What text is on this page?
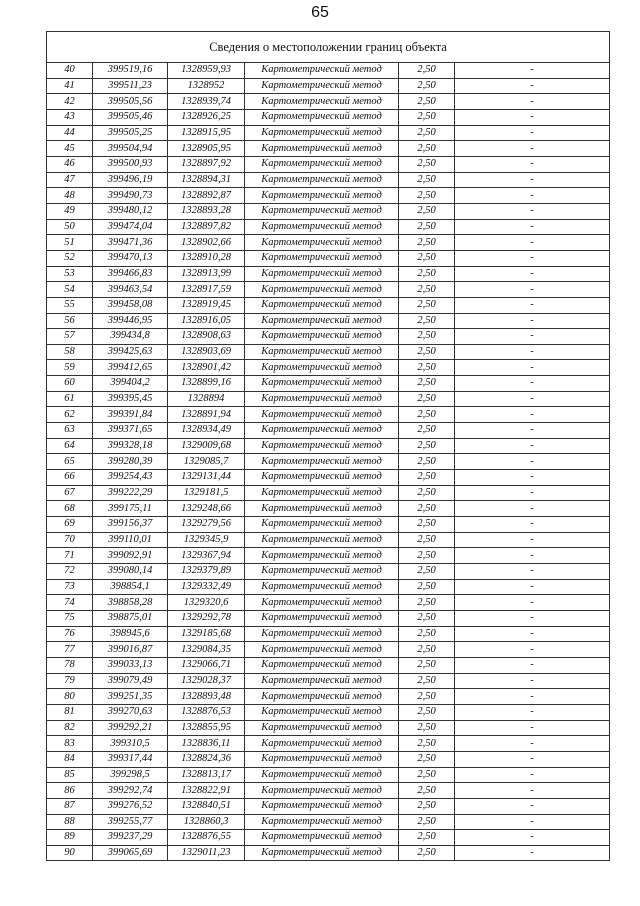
65
Сведения о местоположении границ объекта					
40	399519,16	1328959,93	Картометрический метод	2,50	-
41	399511,23	1328952	Картометрический метод	2,50	-
42	399505,56	1328939,74	Картометрический метод	2,50	-
43	399505,46	1328926,25	Картометрический метод	2,50	-
44	399505,25	1328915,95	Картометрический метод	2,50	-
45	399504,94	1328905,95	Картометрический метод	2,50	-
46	399500,93	1328897,92	Картометрический метод	2,50	-
47	399496,19	1328894,31	Картометрический метод	2,50	-
48	399490,73	1328892,87	Картометрический метод	2,50	-
49	399480,12	1328893,28	Картометрический метод	2,50	-
50	399474,04	1328897,82	Картометрический метод	2,50	-
51	399471,36	1328902,66	Картометрический метод	2,50	-
52	399470,13	1328910,28	Картометрический метод	2,50	-
53	399466,83	1328913,99	Картометрический метод	2,50	-
54	399463,54	1328917,59	Картометрический метод	2,50	-
55	399458,08	1328919,45	Картометрический метод	2,50	-
56	399446,95	1328916,05	Картометрический метод	2,50	-
57	399434,8	1328908,63	Картометрический метод	2,50	-
58	399425,63	1328903,69	Картометрический метод	2,50	-
59	399412,65	1328901,42	Картометрический метод	2,50	-
60	399404,2	1328899,16	Картометрический метод	2,50	-
61	399395,45	1328894	Картометрический метод	2,50	-
62	399391,84	1328891,94	Картометрический метод	2,50	-
63	399371,65	1328934,49	Картометрический метод	2,50	-
64	399328,18	1329009,68	Картометрический метод	2,50	-
65	399280,39	1329085,7	Картометрический метод	2,50	-
66	399254,43	1329131,44	Картометрический метод	2,50	-
67	399222,29	1329181,5	Картометрический метод	2,50	-
68	399175,11	1329248,66	Картометрический метод	2,50	-
69	399156,37	1329279,56	Картометрический метод	2,50	-
70	399110,01	1329345,9	Картометрический метод	2,50	-
71	399092,91	1329367,94	Картометрический метод	2,50	-
72	399080,14	1329379,89	Картометрический метод	2,50	-
73	398854,1	1329332,49	Картометрический метод	2,50	-
74	398858,28	1329320,6	Картометрический метод	2,50	-
75	398875,01	1329292,78	Картометрический метод	2,50	-
76	398945,6	1329185,68	Картометрический метод	2,50	-
77	399016,87	1329084,35	Картометрический метод	2,50	-
78	399033,13	1329066,71	Картометрический метод	2,50	-
79	399079,49	1329028,37	Картометрический метод	2,50	-
80	399251,35	1328893,48	Картометрический метод	2,50	-
81	399270,63	1328876,53	Картометрический метод	2,50	-
82	399292,21	1328855,95	Картометрический метод	2,50	-
83	399310,5	1328836,11	Картометрический метод	2,50	-
84	399317,44	1328824,36	Картометрический метод	2,50	-
85	399298,5	1328813,17	Картометрический метод	2,50	-
86	399292,74	1328822,91	Картометрический метод	2,50	-
87	399276,52	1328840,51	Картометрический метод	2,50	-
88	399255,77	1328860,3	Картометрический метод	2,50	-
89	399237,29	1328876,55	Картометрический метод	2,50	-
90	399065,69	1329011,23	Картометрический метод	2,50	-
